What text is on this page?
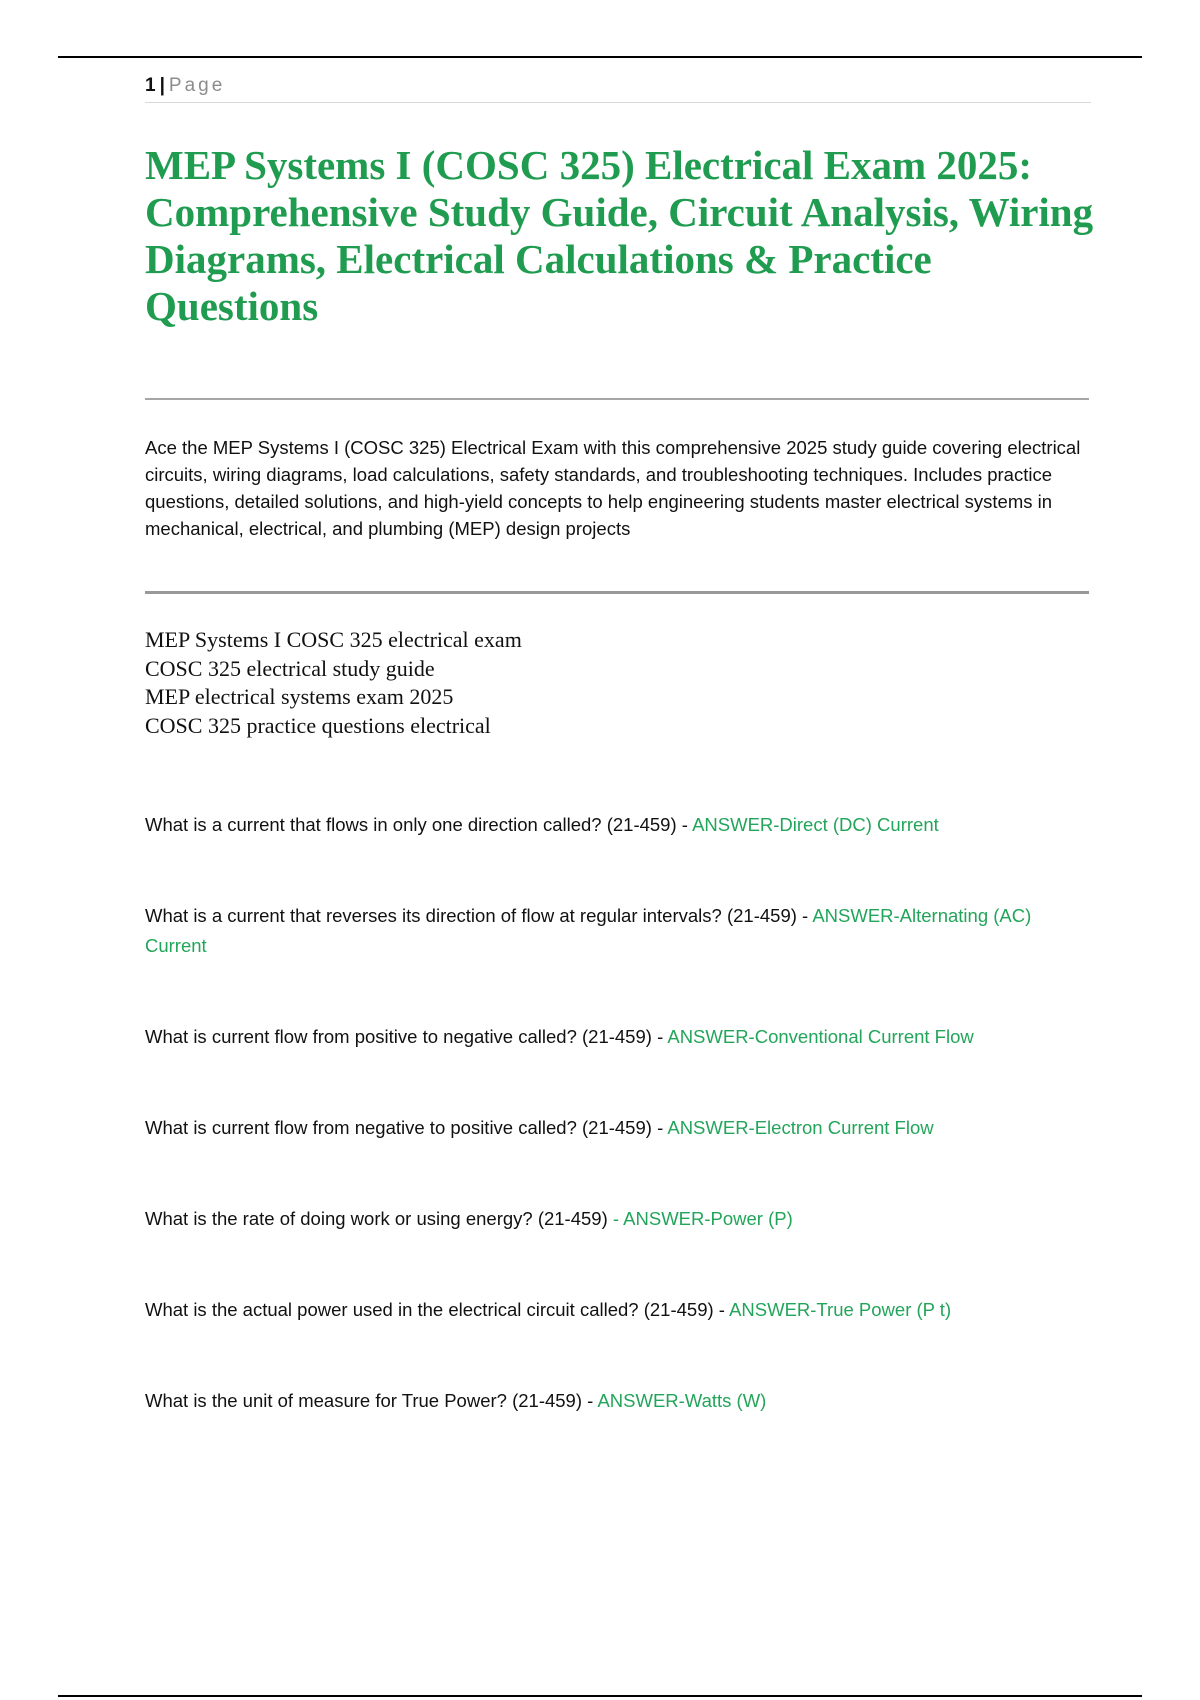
1 | Page
MEP Systems I (COSC 325) Electrical Exam 2025: Comprehensive Study Guide, Circuit Analysis, Wiring Diagrams, Electrical Calculations & Practice Questions

Ace the MEP Systems I (COSC 325) Electrical Exam with this comprehensive 2025 study guide covering electrical circuits, wiring diagrams, load calculations, safety standards, and troubleshooting techniques. Includes practice questions, detailed solutions, and high-yield concepts to help engineering students master electrical systems in mechanical, electrical, and plumbing (MEP) design projects

MEP Systems I COSC 325 electrical exam
COSC 325 electrical study guide
MEP electrical systems exam 2025
COSC 325 practice questions electrical

What is a current that flows in only one direction called? (21-459) - ANSWER-Direct (DC) Current

What is a current that reverses its direction of flow at regular intervals? (21-459) - ANSWER-Alternating (AC) Current

What is current flow from positive to negative called? (21-459) - ANSWER-Conventional Current Flow

What is current flow from negative to positive called? (21-459) - ANSWER-Electron Current Flow

What is the rate of doing work or using energy? (21-459) - ANSWER-Power (P)

What is the actual power used in the electrical circuit called? (21-459) - ANSWER-True Power (P t)

What is the unit of measure for True Power? (21-459) - ANSWER-Watts (W)
